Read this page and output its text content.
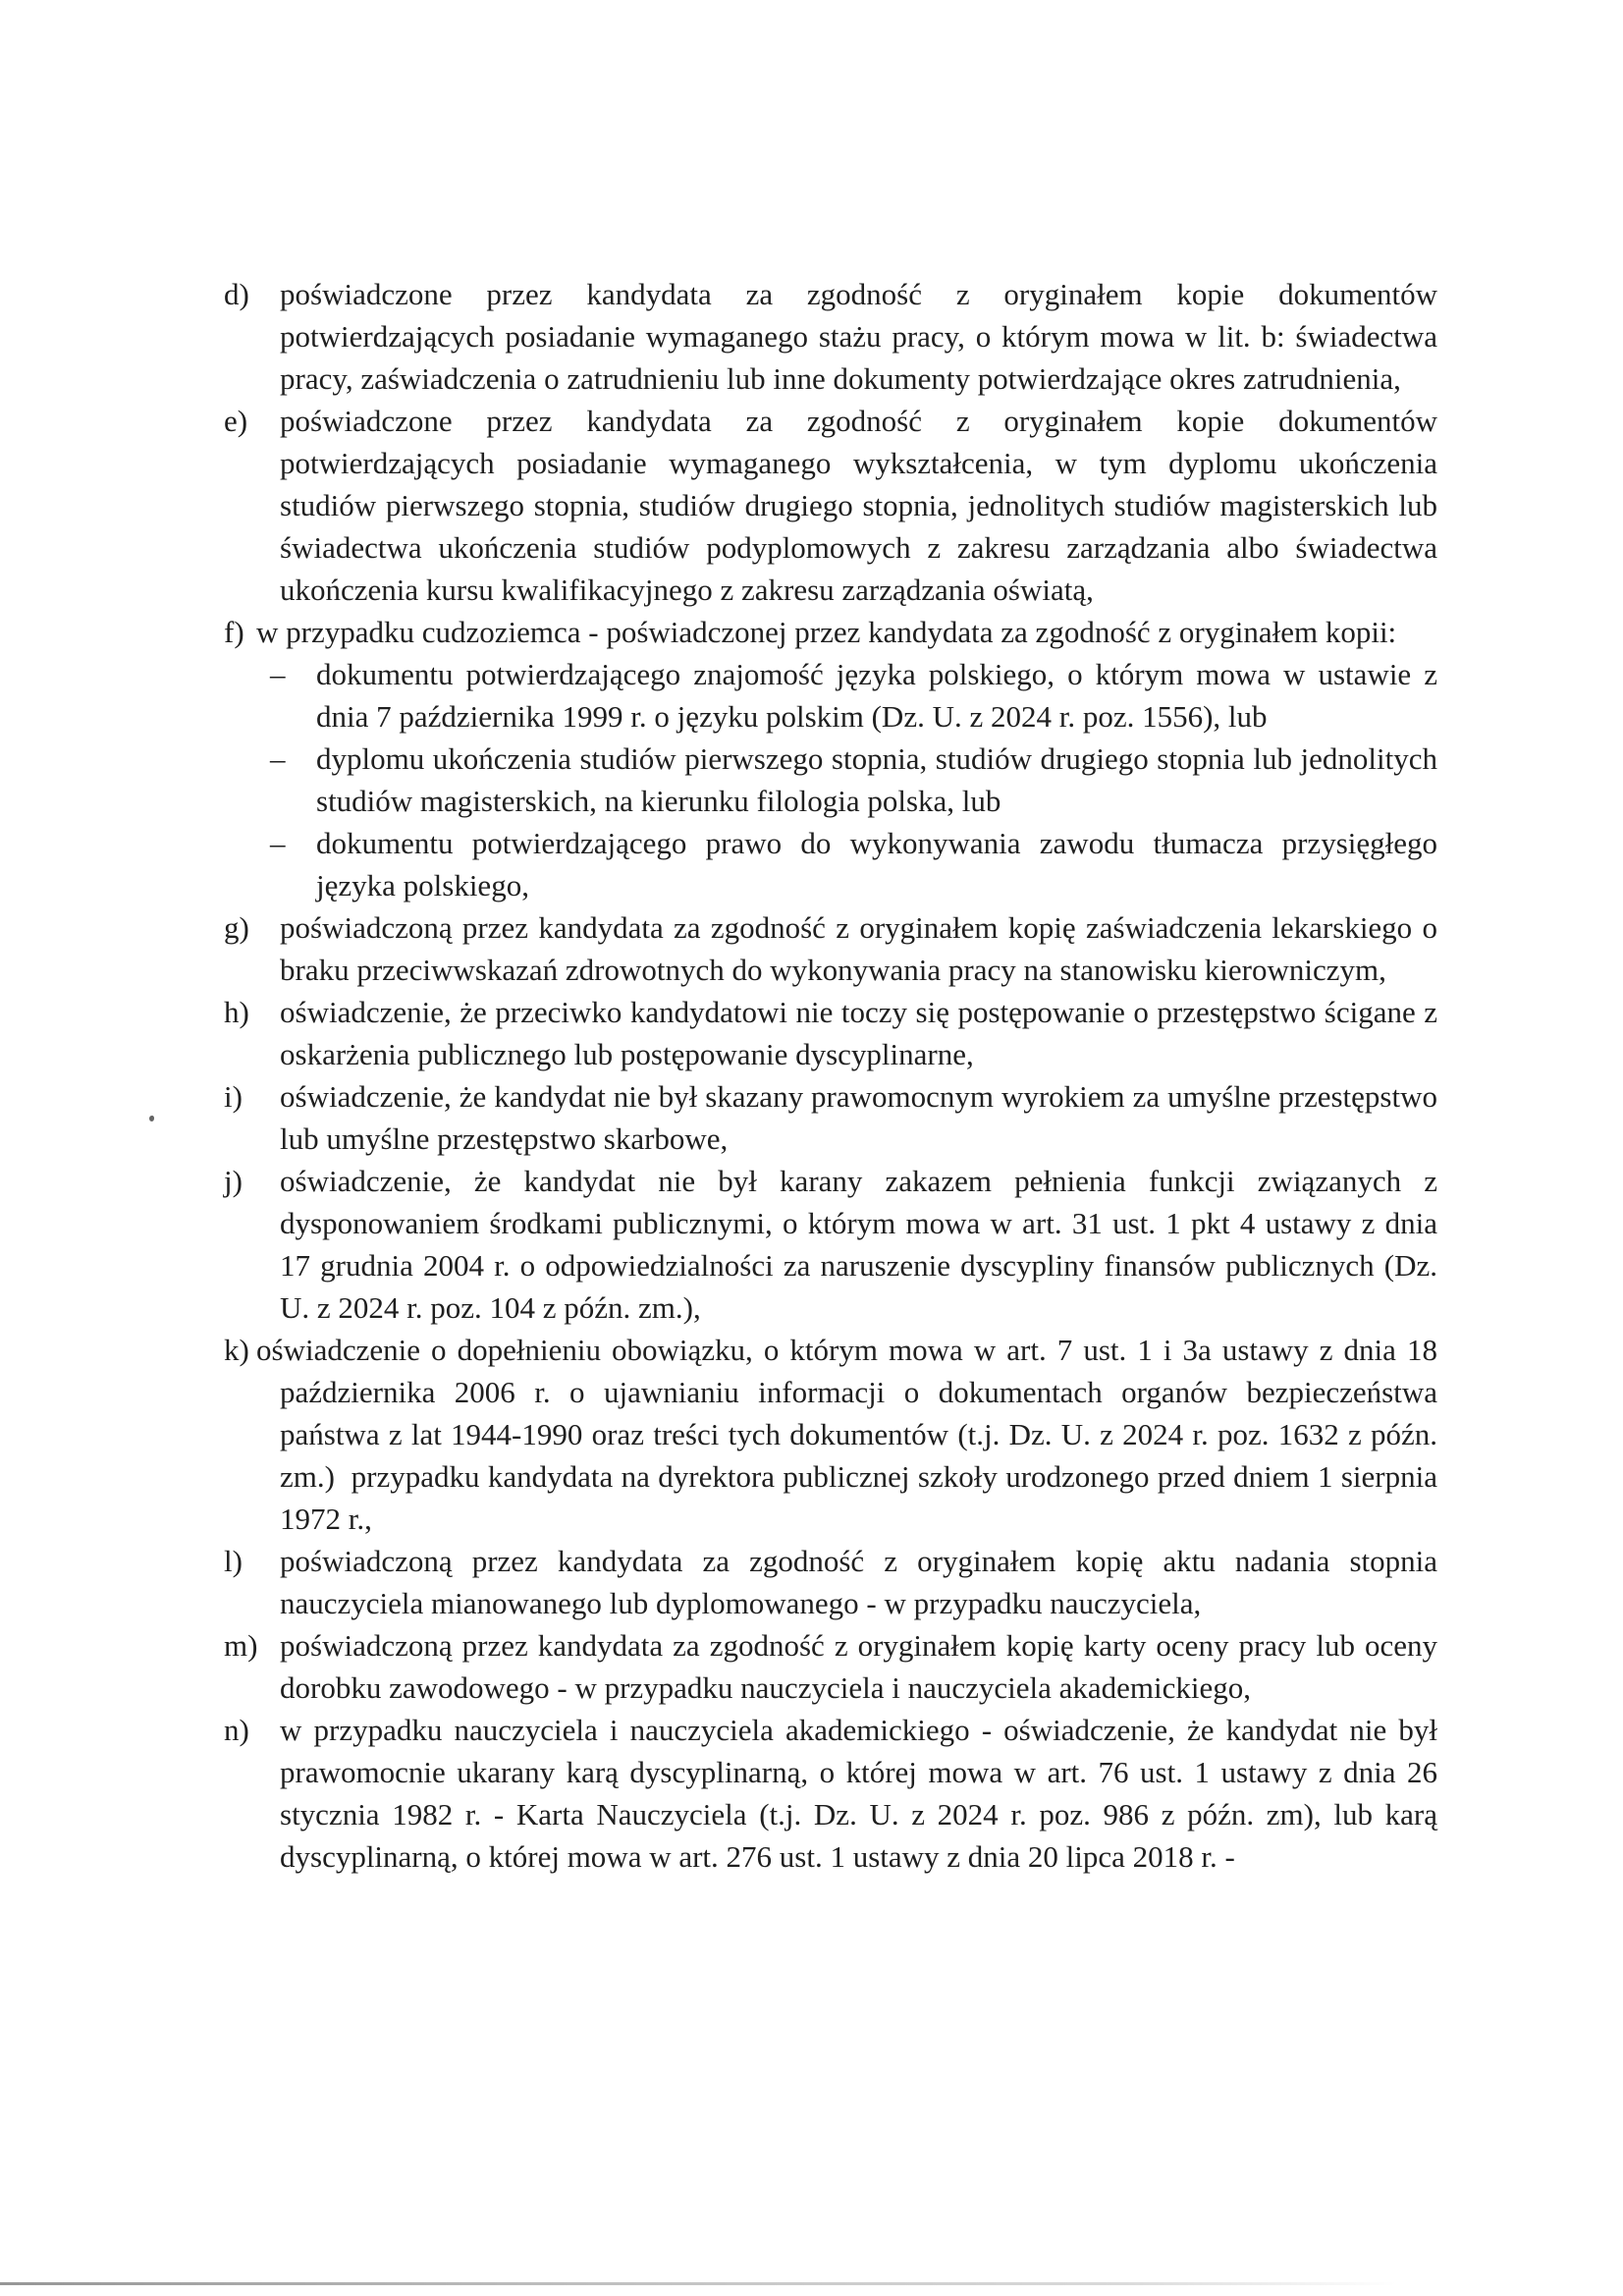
d) poświadczone przez kandydata za zgodność z oryginałem kopie dokumentów potwierdzających posiadanie wymaganego stażu pracy, o którym mowa w lit. b: świadectwa pracy, zaświadczenia o zatrudnieniu lub inne dokumenty potwierdzające okres zatrudnienia,
e) poświadczone przez kandydata za zgodność z oryginałem kopie dokumentów potwierdzających posiadanie wymaganego wykształcenia, w tym dyplomu ukończenia studiów pierwszego stopnia, studiów drugiego stopnia, jednolitych studiów magisterskich lub świadectwa ukończenia studiów podyplomowych z zakresu zarządzania albo świadectwa ukończenia kursu kwalifikacyjnego z zakresu zarządzania oświatą,
f) w przypadku cudzoziemca - poświadczonej przez kandydata za zgodność z oryginałem kopii:
– dokumentu potwierdzającego znajomość języka polskiego, o którym mowa w ustawie z dnia 7 października 1999 r. o języku polskim (Dz. U. z 2024 r. poz. 1556), lub
– dyplomu ukończenia studiów pierwszego stopnia, studiów drugiego stopnia lub jednolitych studiów magisterskich, na kierunku filologia polska, lub
– dokumentu potwierdzającego prawo do wykonywania zawodu tłumacza przysięgłego języka polskiego,
g) poświadczoną przez kandydata za zgodność z oryginałem kopię zaświadczenia lekarskiego o braku przeciwwskazań zdrowotnych do wykonywania pracy na stanowisku kierowniczym,
h) oświadczenie, że przeciwko kandydatowi nie toczy się postępowanie o przestępstwo ścigane z oskarżenia publicznego lub postępowanie dyscyplinarne,
i) oświadczenie, że kandydat nie był skazany prawomocnym wyrokiem za umyślne przestępstwo lub umyślne przestępstwo skarbowe,
j) oświadczenie, że kandydat nie był karany zakazem pełnienia funkcji związanych z dysponowaniem środkami publicznymi, o którym mowa w art. 31 ust. 1 pkt 4 ustawy z dnia 17 grudnia 2004 r. o odpowiedzialności za naruszenie dyscypliny finansów publicznych (Dz. U. z 2024 r. poz. 104 z późn. zm.),
k) oświadczenie o dopełnieniu obowiązku, o którym mowa w art. 7 ust. 1 i 3a ustawy z dnia 18 października 2006 r. o ujawnianiu informacji o dokumentach organów bezpieczeństwa państwa z lat 1944-1990 oraz treści tych dokumentów (t.j. Dz. U. z 2024 r. poz. 1632 z późn. zm.)  przypadku kandydata na dyrektora publicznej szkoły urodzonego przed dniem 1 sierpnia 1972 r.,
l) poświadczoną przez kandydata za zgodność z oryginałem kopię aktu nadania stopnia nauczyciela mianowanego lub dyplomowanego - w przypadku nauczyciela,
m) poświadczoną przez kandydata za zgodność z oryginałem kopię karty oceny pracy lub oceny dorobku zawodowego - w przypadku nauczyciela i nauczyciela akademickiego,
n) w przypadku nauczyciela i nauczyciela akademickiego - oświadczenie, że kandydat nie był prawomocnie ukarany karą dyscyplinarną, o której mowa w art. 76 ust. 1 ustawy z dnia 26 stycznia 1982 r. - Karta Nauczyciela (t.j. Dz. U. z 2024 r. poz. 986 z późn. zm), lub karą dyscyplinarną, o której mowa w art. 276 ust. 1 ustawy z dnia 20 lipca 2018 r. -
